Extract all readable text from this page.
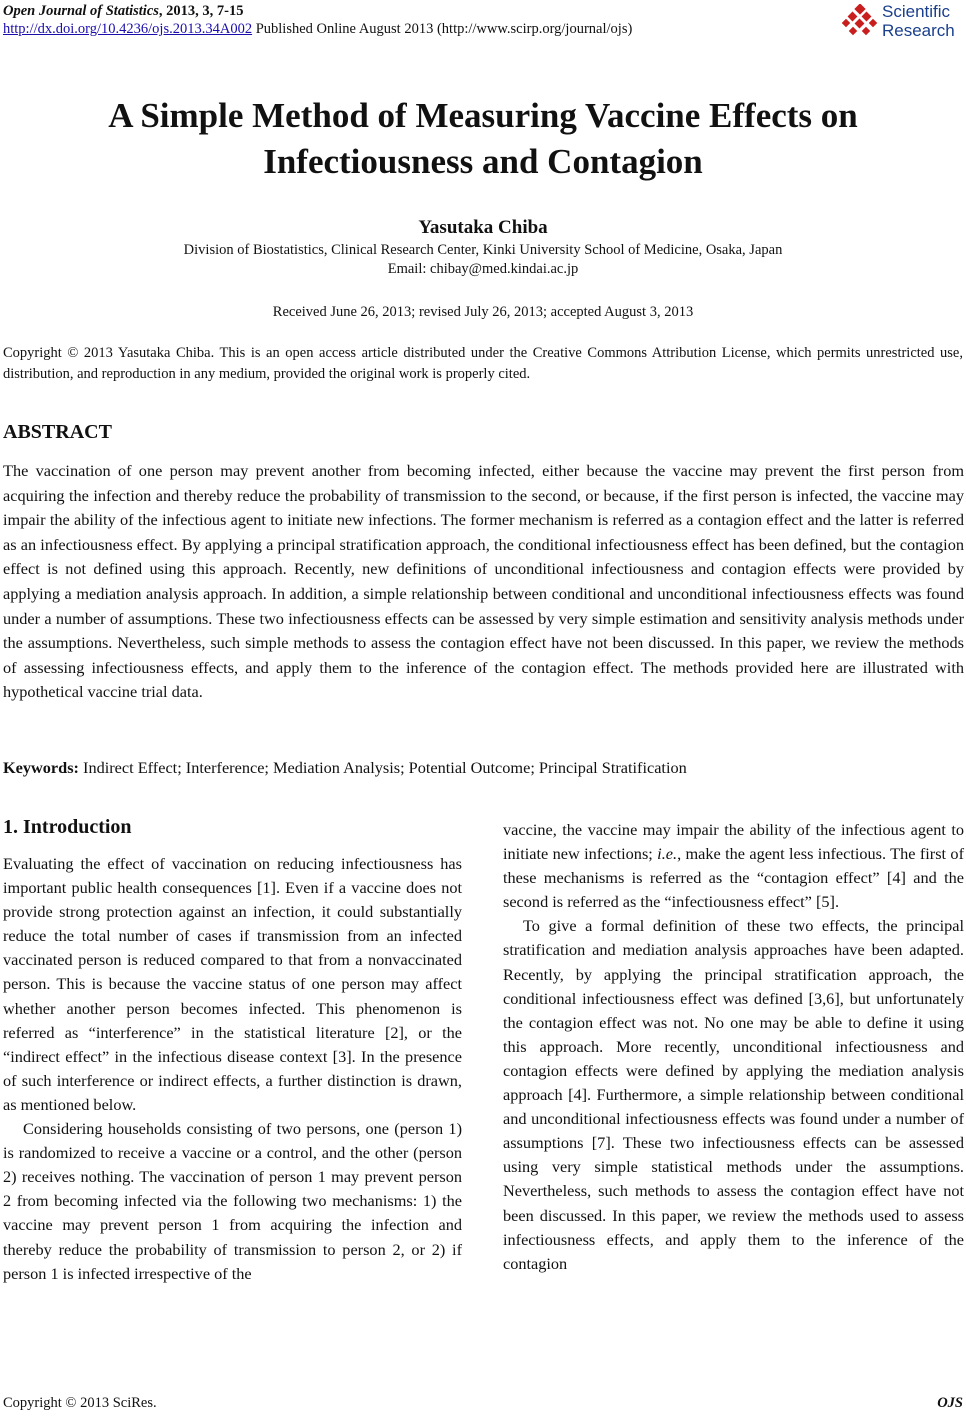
Open Journal of Statistics, 2013, 3, 7-15
http://dx.doi.org/10.4236/ojs.2013.34A002 Published Online August 2013 (http://www.scirp.org/journal/ojs)
Scientific
Research
A Simple Method of Measuring Vaccine Effects on
Infectiousness and Contagion
Yasutaka Chiba
Division of Biostatistics, Clinical Research Center, Kinki University School of Medicine, Osaka, Japan
Email: chibay@med.kindai.ac.jp
Received June 26, 2013; revised July 26, 2013; accepted August 3, 2013
Copyright © 2013 Yasutaka Chiba. This is an open access article distributed under the Creative Commons Attribution License, which permits unrestricted use, distribution, and reproduction in any medium, provided the original work is properly cited.
ABSTRACT
The vaccination of one person may prevent another from becoming infected, either because the vaccine may prevent the first person from acquiring the infection and thereby reduce the probability of transmission to the second, or because, if the first person is infected, the vaccine may impair the ability of the infectious agent to initiate new infections. The former mechanism is referred as a contagion effect and the latter is referred as an infectiousness effect. By applying a principal stratification approach, the conditional infectiousness effect has been defined, but the contagion effect is not defined using this approach. Recently, new definitions of unconditional infectiousness and contagion effects were provided by applying a mediation analysis approach. In addition, a simple relationship between conditional and unconditional infectiousness effects was found under a number of assumptions. These two infectiousness effects can be assessed by very simple estimation and sensitivity analysis methods under the assumptions. Nevertheless, such simple methods to assess the contagion effect have not been discussed. In this paper, we review the methods of assessing infectiousness effects, and apply them to the inference of the contagion effect. The methods provided here are illustrated with hypothetical vaccine trial data.
Keywords: Indirect Effect; Interference; Mediation Analysis; Potential Outcome; Principal Stratification
1. Introduction

Evaluating the effect of vaccination on reducing infectiousness has important public health consequences [1]. Even if a vaccine does not provide strong protection against an infection, it could substantially reduce the total number of cases if transmission from an infected vaccinated person is reduced compared to that from a nonvaccinated person. This is because the vaccine status of one person may affect whether another person becomes infected. This phenomenon is referred as “interference” in the statistical literature [2], or the “indirect effect” in the infectious disease context [3]. In the presence of such interference or indirect effects, a further distinction is drawn, as mentioned below.

Considering households consisting of two persons, one (person 1) is randomized to receive a vaccine or a control, and the other (person 2) receives nothing. The vaccination of person 1 may prevent person 2 from becoming infected via the following two mechanisms: 1) the vaccine may prevent person 1 from acquiring the infection and thereby reduce the probability of transmission to person 2, or 2) if person 1 is infected irrespective of the

vaccine, the vaccine may impair the ability of the infectious agent to initiate new infections; i.e., make the agent less infectious. The first of these mechanisms is referred as the “contagion effect” [4] and the second is referred as the “infectiousness effect” [5].

To give a formal definition of these two effects, the principal stratification and mediation analysis approaches have been adapted. Recently, by applying the principal stratification approach, the conditional infectiousness effect was defined [3,6], but unfortunately the contagion effect was not. No one may be able to define it using this approach. More recently, unconditional infectiousness and contagion effects were defined by applying the mediation analysis approach [4]. Furthermore, a simple relationship between conditional and unconditional infectiousness effects was found under a number of assumptions [7]. These two infectiousness effects can be assessed using very simple statistical methods under the assumptions. Nevertheless, such methods to assess the contagion effect have not been discussed. In this paper, we review the methods used to assess infectiousness effects, and apply them to the inference of the contagion

Copyright © 2013 SciRes.	OJS
